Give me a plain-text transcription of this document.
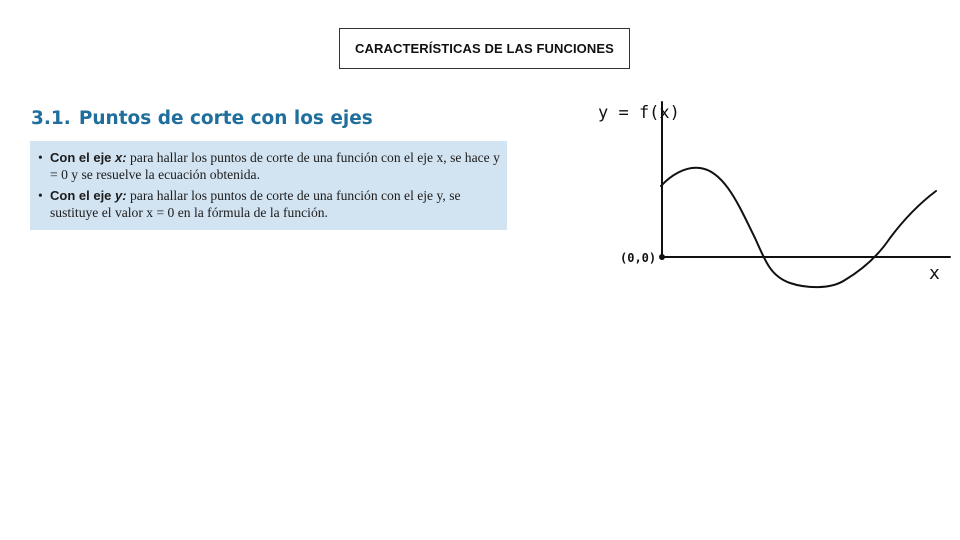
CARACTERÍSTICAS DE LAS FUNCIONES
3.1. Puntos de corte con los ejes
• Con el eje x: para hallar los puntos de corte de una función con el eje x, se hace y = 0 y se resuelve la ecuación obtenida.
• Con el eje y: para hallar los puntos de corte de una función con el eje y, se sustituye el valor x = 0 en la fórmula de la función.
y = f(x)
(0,0)
x
